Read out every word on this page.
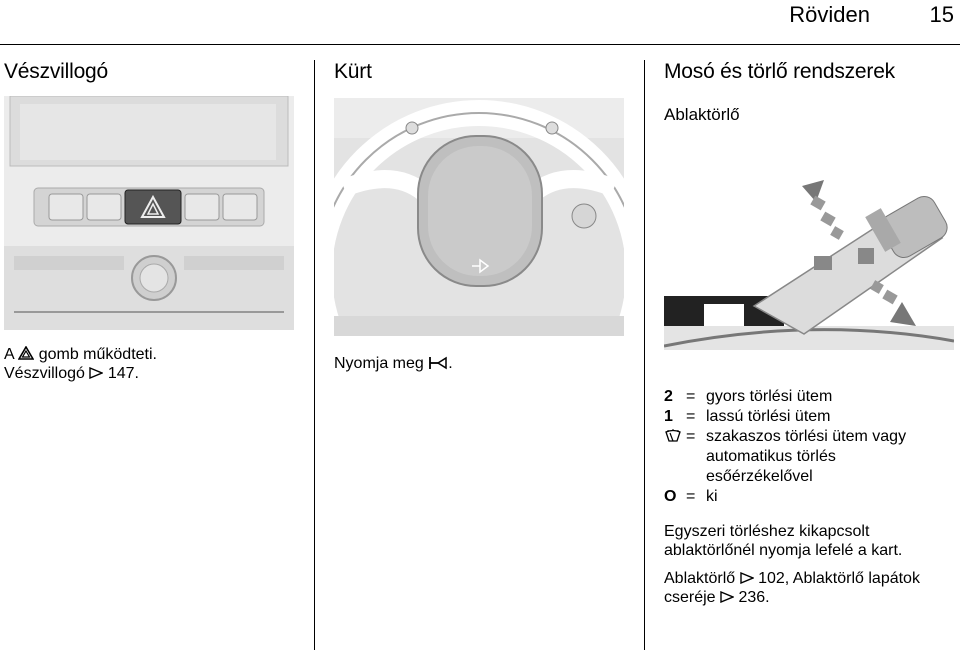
Röviden	15
Vészvillogó
A gomb működteti.
Vészvillogó 147.
Kürt
Nyomja meg .
Mosó és törlő rendszerek
Ablaktörlő
2 = gyors törlési ütem
1 = lassú törlési ütem
= szakaszos törlési ütem vagy
automatikus törlés
esőérzékelővel
O = ki
Egyszeri törléshez kikapcsolt
ablaktörlőnél nyomja lefelé a kart.
Ablaktörlő 102, Ablaktörlő lapátok
cseréje 236.
